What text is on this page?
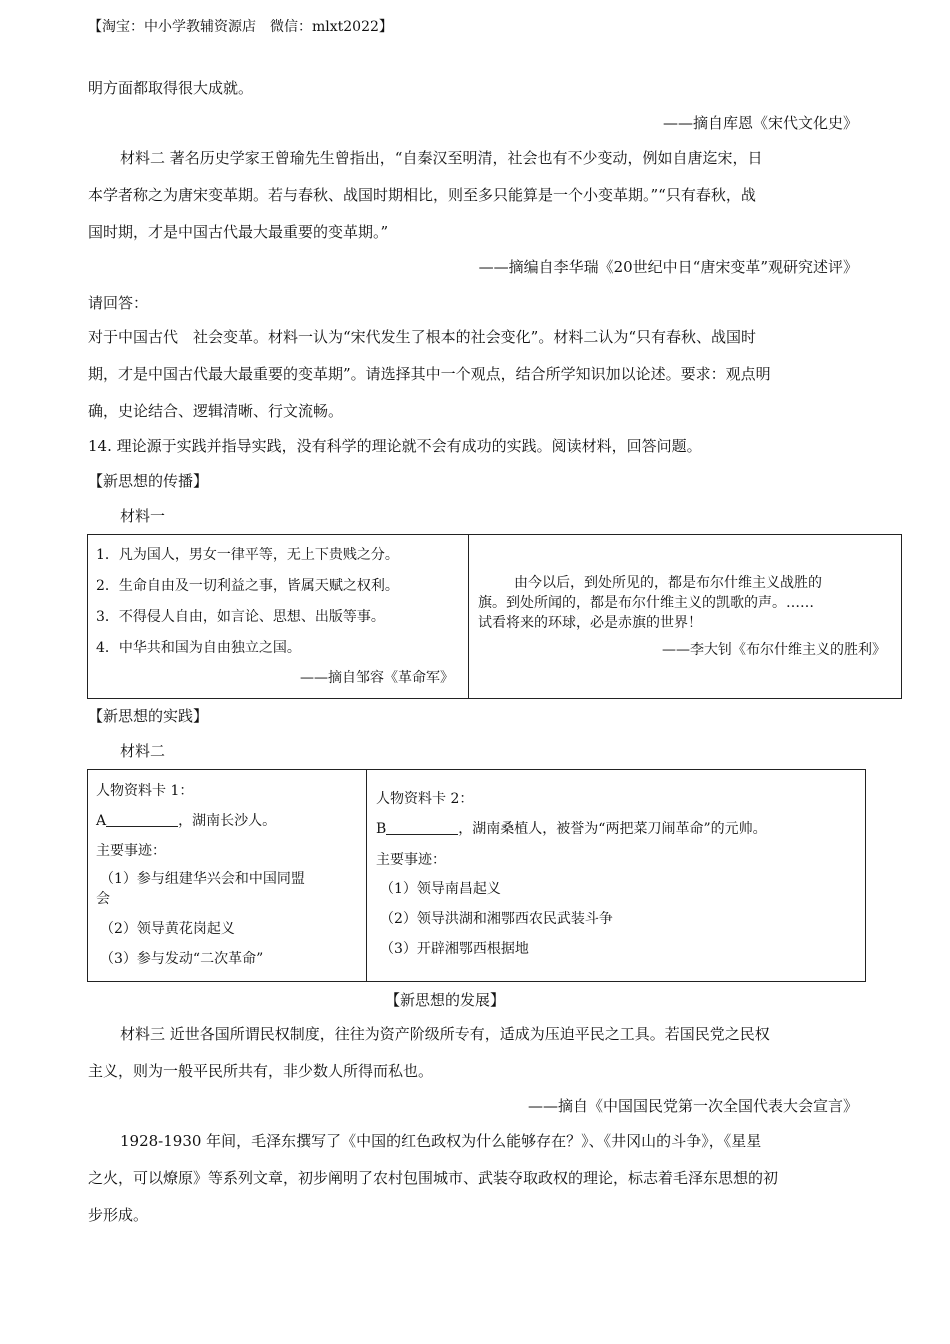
【淘宝：中小学教辅资源店　微信：mlxt2022】
明方面都取得很大成就。
——摘自库恩《宋代文化史》
材料二 著名历史学家王曾瑜先生曾指出，“自秦汉至明清，社会也有不少变动，例如自唐迄宋，日
本学者称之为唐宋变革期。若与春秋、战国时期相比，则至多只能算是一个小变革期。”“只有春秋，战
国时期，才是中国古代最大最重要的变革期。”
——摘编自李华瑞《20世纪中日“唐宋变革”观研究述评》
请回答：
对于中国古代　社会变革。材料一认为“宋代发生了根本的社会变化”。材料二认为“只有春秋、战国时
期，才是中国古代最大最重要的变革期”。请选择其中一个观点，结合所学知识加以论述。要求：观点明
确，史论结合、逻辑清晰、行文流畅。
14. 理论源于实践并指导实践，没有科学的理论就不会有成功的实践。阅读材料，回答问题。
【新思想的传播】
材料一
1．凡为国人，男女一律平等，无上下贵贱之分。
2．生命自由及一切利益之事，皆属天赋之权利。
3．不得侵人自由，如言论、思想、出版等事。
4．中华共和国为自由独立之国。
——摘自邹容《革命军》
由今以后，到处所见的，都是布尔什维主义战胜的
旗。到处所闻的，都是布尔什维主义的凯歌的声。……
试看将来的环球，必是赤旗的世界！
——李大钊《布尔什维主义的胜利》
【新思想的实践】
材料二
人物资料卡 1：
A	，湖南长沙人。
主要事迹：
（1）参与组建华兴会和中国同盟
会
（2）领导黄花岗起义
（3）参与发动“二次革命”
人物资料卡 2：
B	，湖南桑植人，被誉为“两把菜刀闹革命”的元帅。
主要事迹：
（1）领导南昌起义
（2）领导洪湖和湘鄂西农民武装斗争
（3）开辟湘鄂西根据地
【新思想的发展】
材料三 近世各国所谓民权制度，往往为资产阶级所专有，适成为压迫平民之工具。若国民党之民权
主义，则为一般平民所共有，非少数人所得而私也。
——摘自《中国国民党第一次全国代表大会宣言》
1928-1930 年间，毛泽东撰写了《中国的红色政权为什么能够存在？》、《井冈山的斗争》，《星星
之火，可以燎原》等系列文章，初步阐明了农村包围城市、武装夺取政权的理论，标志着毛泽东思想的初
步形成。
